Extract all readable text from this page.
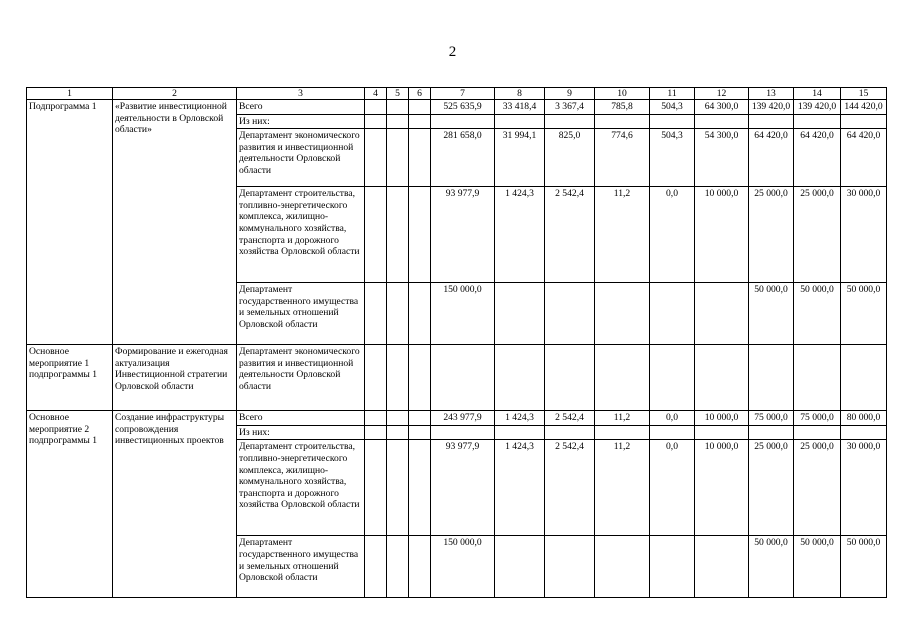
2
1	2	3	4	5	6	7	8	9	10	11	12	13	14	15
Подпрограмма 1	«Развитие инвестиционной деятельности в Орловской области»	Всего				525 635,9	33 418,4	3 367,4	785,8	504,3	64 300,0	139 420,0	139 420,0	144 420,0
		Из них:												
		Департамент экономического развития и инвестиционной деятельности Орловской области				281 658,0	31 994,1	825,0	774,6	504,3	54 300,0	64 420,0	64 420,0	64 420,0
		Департамент строительства, топливно-энергетического комплекса, жилищно-коммунального хозяйства, транспорта и дорожного хозяйства Орловской области				93 977,9	1 424,3	2 542,4	11,2	0,0	10 000,0	25 000,0	25 000,0	30 000,0
		Департамент государственного имущества и земельных отношений Орловской области				150 000,0						50 000,0	50 000,0	50 000,0
Основное мероприятие 1 подпрограммы 1	Формирование и ежегодная актуализация Инвестиционной стратегии Орловской области	Департамент экономического развития и инвестиционной деятельности Орловской области												
Основное мероприятие 2 подпрограммы 1	Создание инфраструктуры сопровождения инвестиционных проектов	Всего				243 977,9	1 424,3	2 542,4	11,2	0,0	10 000,0	75 000,0	75 000,0	80 000,0
		Из них:												
		Департамент строительства, топливно-энергетического комплекса, жилищно-коммунального хозяйства, транспорта и дорожного хозяйства Орловской области				93 977,9	1 424,3	2 542,4	11,2	0,0	10 000,0	25 000,0	25 000,0	30 000,0
		Департамент государственного имущества и земельных отношений Орловской области				150 000,0						50 000,0	50 000,0	50 000,0
